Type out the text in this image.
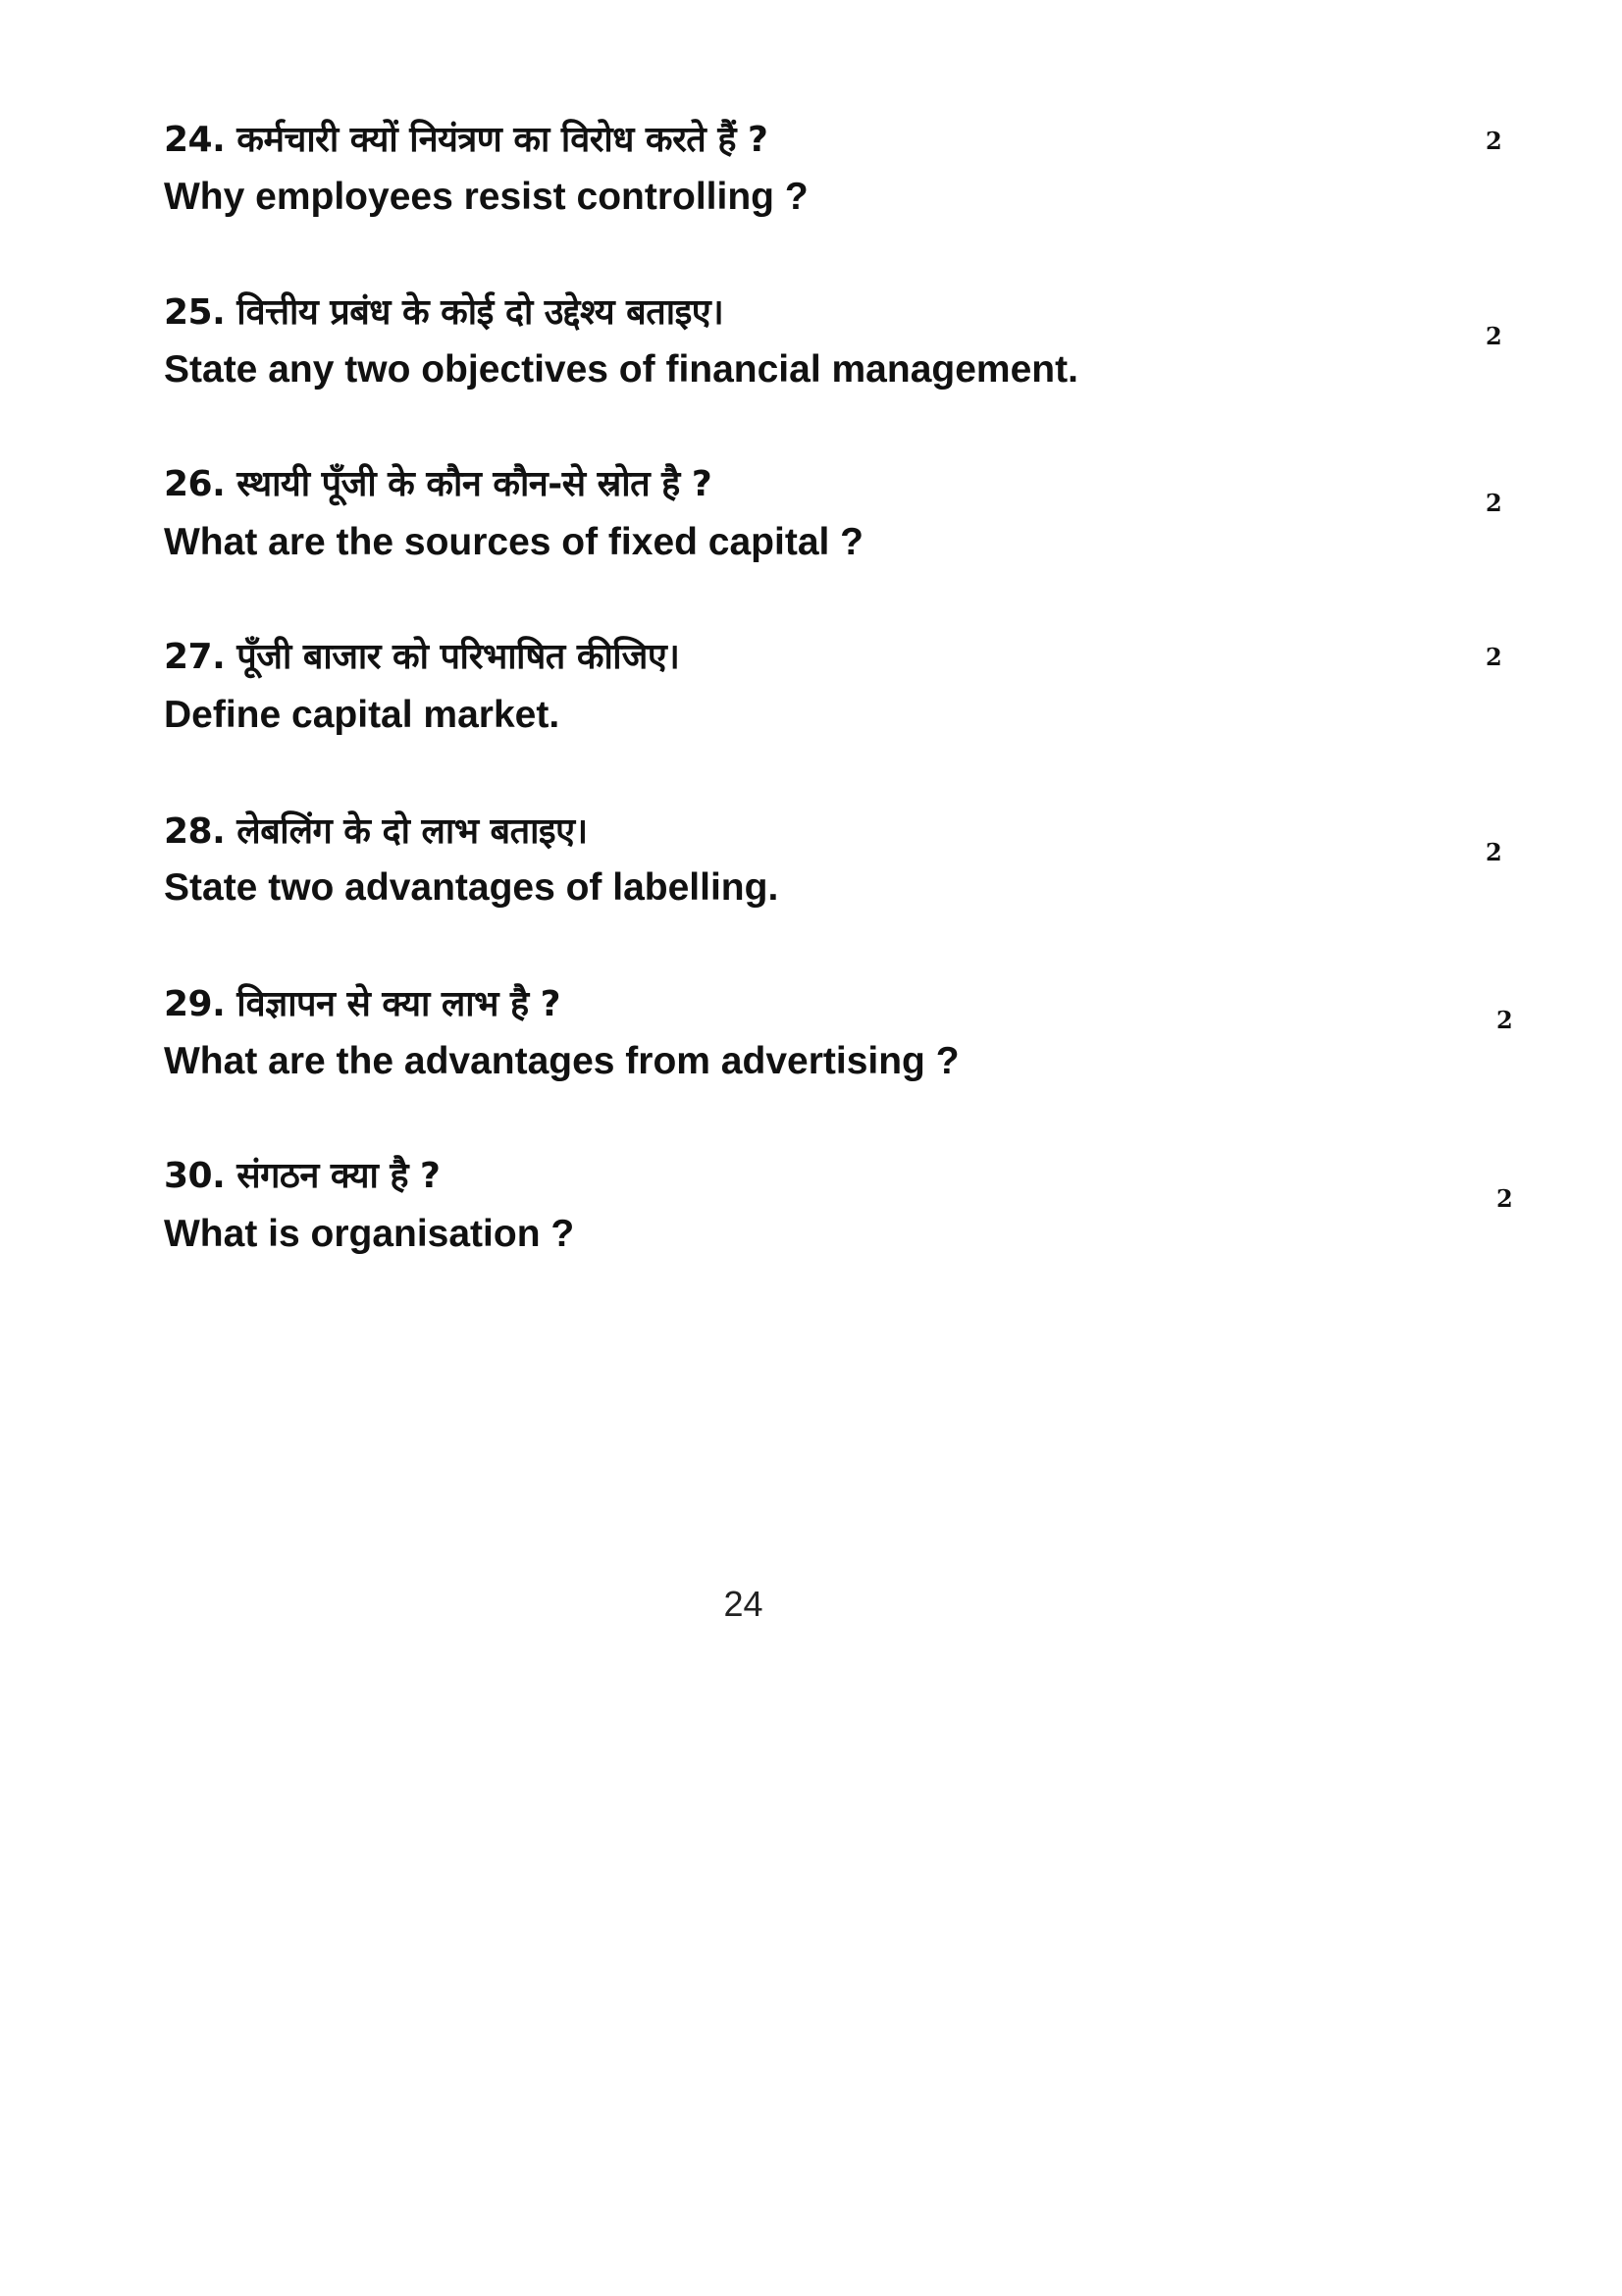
24. कर्मचारी क्यों नियंत्रण का विरोध करते हैं ?
Why employees resist controlling ?
2
25. वित्तीय प्रबंध के कोई दो उद्देश्य बताइए।
State any two objectives of financial management.
2
26. स्थायी पूँजी के कौन कौन-से स्रोत है ?
What are the sources of fixed capital ?
2
27. पूँजी बाजार को परिभाषित कीजिए।
Define capital market.
2
28. लेबलिंग के दो लाभ बताइए।
State two advantages of labelling.
2
29. विज्ञापन से क्या लाभ है ?
What are the advantages from advertising ?
2
30. संगठन क्या है ?
What is organisation ?
2
24
